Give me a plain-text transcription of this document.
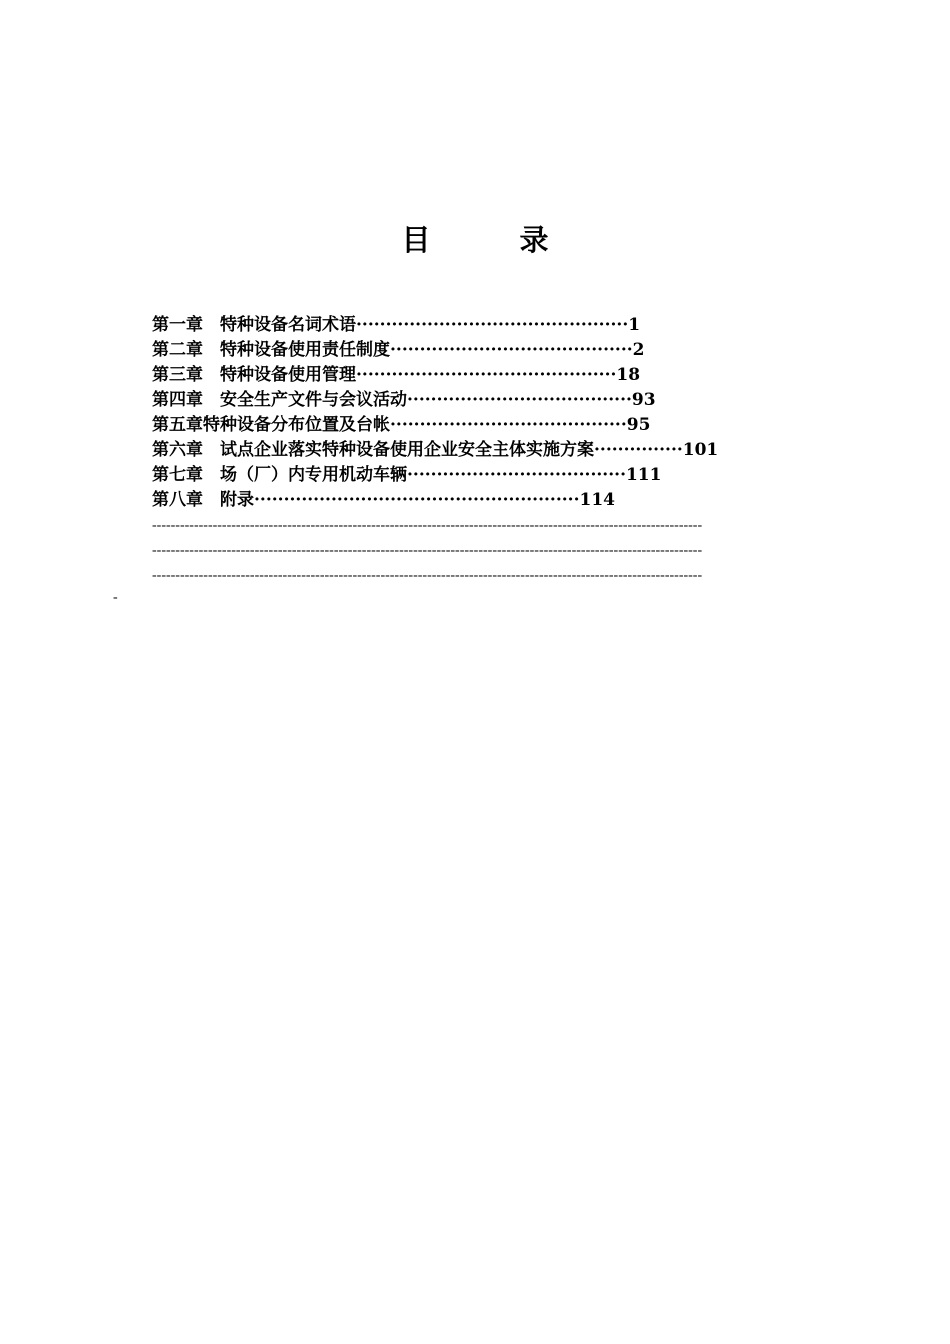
目　录
第一章　特种设备名词术语··············································1
第二章　特种设备使用责任制度·········································2
第三章　特种设备使用管理············································18
第四章　安全生产文件与会议活动······································93
第五章特种设备分布位置及台帐········································95
第六章　试点企业落实特种设备使用企业安全主体实施方案···············101
第七章　场（厂）内专用机动车辆·····································111
第八章　附录·······················································114
----------------------------------------------------------------------------------------------------------------------
----------------------------------------------------------------------------------------------------------------------
----------------------------------------------------------------------------------------------------------------------
-
